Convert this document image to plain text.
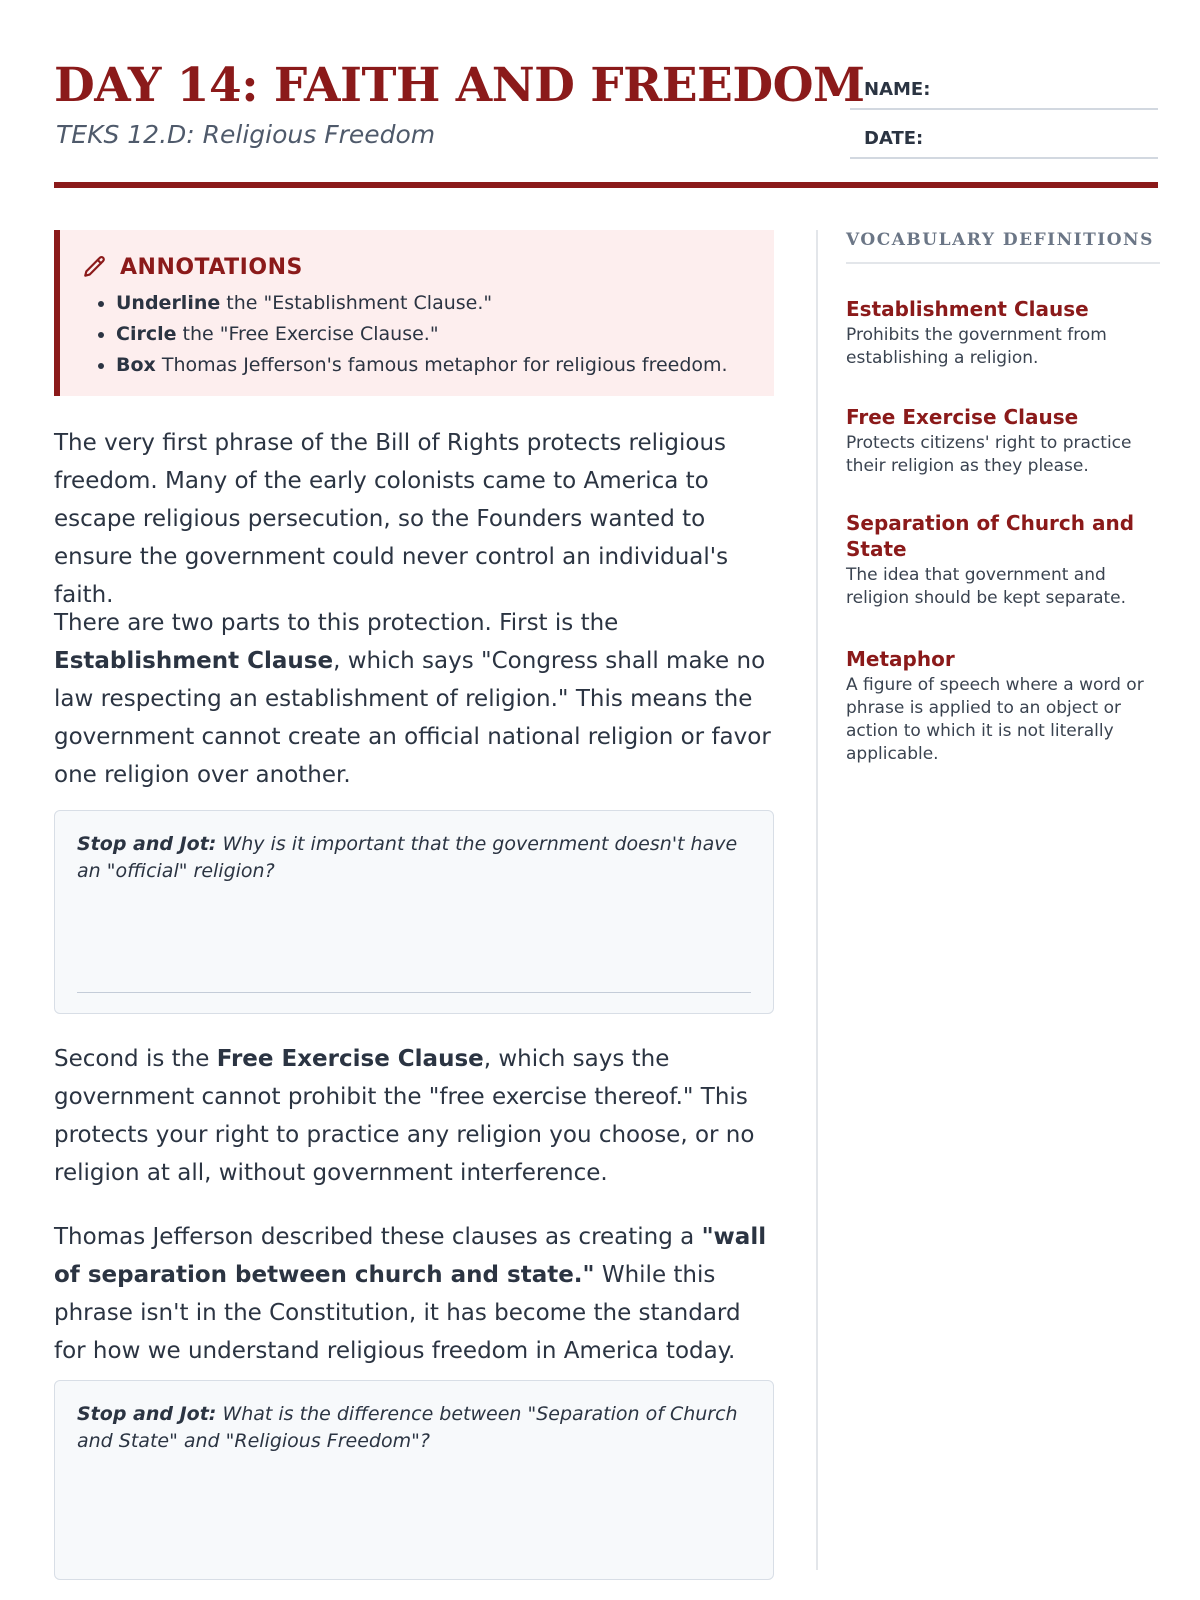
DAY 14: FAITH AND FREEDOM
TEKS 12.D: Religious Freedom
NAME:
DATE:
ANNOTATIONS
• Underline the "Establishment Clause."
• Circle the "Free Exercise Clause."
• Box Thomas Jefferson's famous metaphor for religious freedom.

The very first phrase of the Bill of Rights protects religious freedom. Many of the early colonists came to America to escape religious persecution, so the Founders wanted to ensure the government could never control an individual's faith.

There are two parts to this protection. First is the Establishment Clause, which says "Congress shall make no law respecting an establishment of religion." This means the government cannot create an official national religion or favor one religion over another.

Stop and Jot: Why is it important that the government doesn't have an "official" religion?

Second is the Free Exercise Clause, which says the government cannot prohibit the "free exercise thereof." This protects your right to practice any religion you choose, or no religion at all, without government interference.

Thomas Jefferson described these clauses as creating a "wall of separation between church and state." While this phrase isn't in the Constitution, it has become the standard for how we understand religious freedom in America today.

Stop and Jot: What is the difference between "Separation of Church and State" and "Religious Freedom"?
VOCABULARY DEFINITIONS
Establishment Clause
Prohibits the government from establishing a religion.
Free Exercise Clause
Protects citizens' right to practice their religion as they please.
Separation of Church and State
The idea that government and religion should be kept separate.
Metaphor
A figure of speech where a word or phrase is applied to an object or action to which it is not literally applicable.
